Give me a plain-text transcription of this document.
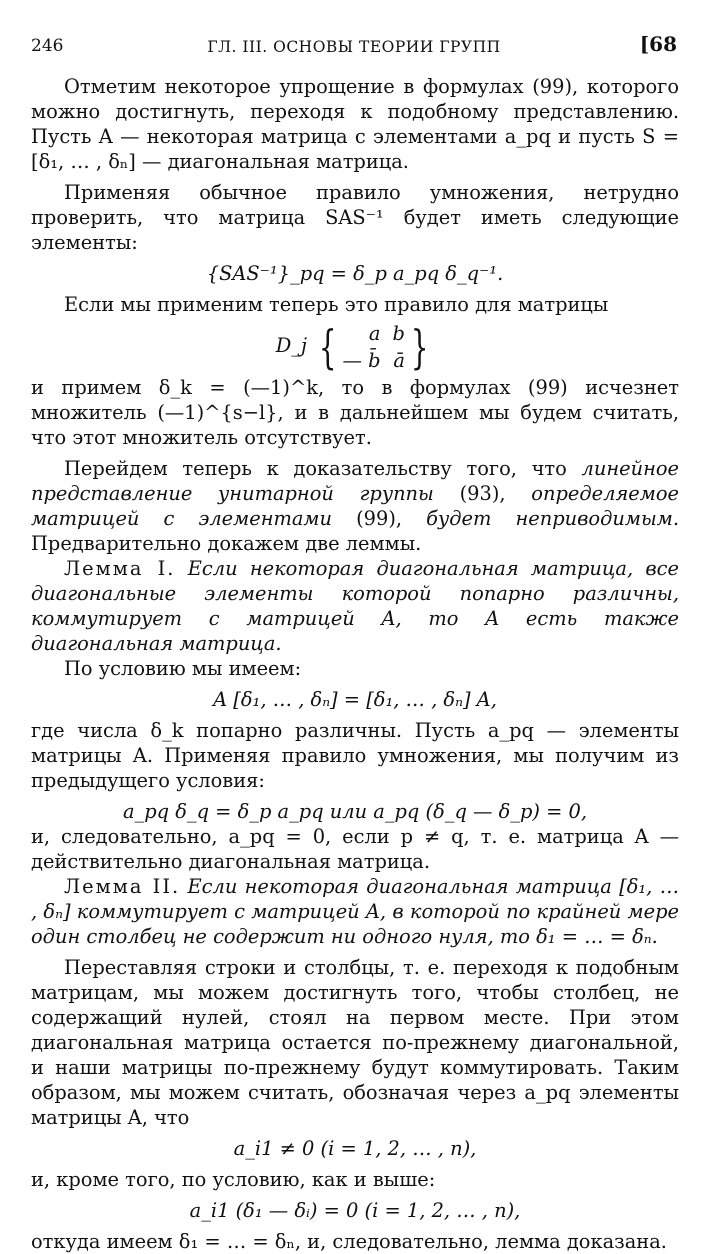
246	ГЛ. III. ОСНОВЫ ТЕОРИИ ГРУПП	[68

Отметим некоторое упрощение в формулах (99), которого можно достигнуть, переходя к подобному представлению. Пусть A — некоторая матрица с элементами a_pq и пусть S = [δ₁, … , δₙ] — диагональная матрица.

Применяя обычное правило умножения, нетрудно проверить, что матрица SAS⁻¹ будет иметь следующие элементы:

{SAS⁻¹}_pq = δ_p a_pq δ_q⁻¹.

Если мы применим теперь это правило для матрицы

D_j {	a b
— b̄ ā }

и примем δ_k = (—1)^k, то в формулах (99) исчезнет множитель (—1)^{s−l}, и в дальнейшем мы будем считать, что этот множитель отсутствует.

Перейдем теперь к доказательству того, что линейное представление унитарной группы (93), определяемое матрицей с элементами (99), будет неприводимым. Предварительно докажем две леммы.

Лемма I. Если некоторая диагональная матрица, все диагональные элементы которой попарно различны, коммутирует с матрицей A, то A есть также диагональная матрица.

По условию мы имеем:

A [δ₁, … , δₙ] = [δ₁, … , δₙ] A,

где числа δ_k попарно различны. Пусть a_pq — элементы матрицы A. Применяя правило умножения, мы получим из предыдущего условия:

a_pq δ_q = δ_p a_pq или a_pq (δ_q — δ_p) = 0,

и, следовательно, a_pq = 0, если p ≠ q, т. е. матрица A — действительно диагональная матрица.

Лемма II. Если некоторая диагональная матрица [δ₁, … , δₙ] коммутирует с матрицей A, в которой по крайней мере один столбец не содержит ни одного нуля, то δ₁ = … = δₙ.

Переставляя строки и столбцы, т. е. переходя к подобным матрицам, мы можем достигнуть того, чтобы столбец, не содержащий нулей, стоял на первом месте. При этом диагональная матрица остается по-прежнему диагональной, и наши матрицы по-прежнему будут коммутировать. Таким образом, мы можем считать, обозначая через a_pq элементы матрицы A, что

a_i1 ≠ 0 (i = 1, 2, … , n),

и, кроме того, по условию, как и выше:

a_i1 (δ₁ — δᵢ) = 0 (i = 1, 2, … , n),

откуда имеем δ₁ = … = δₙ, и, следовательно, лемма доказана.
